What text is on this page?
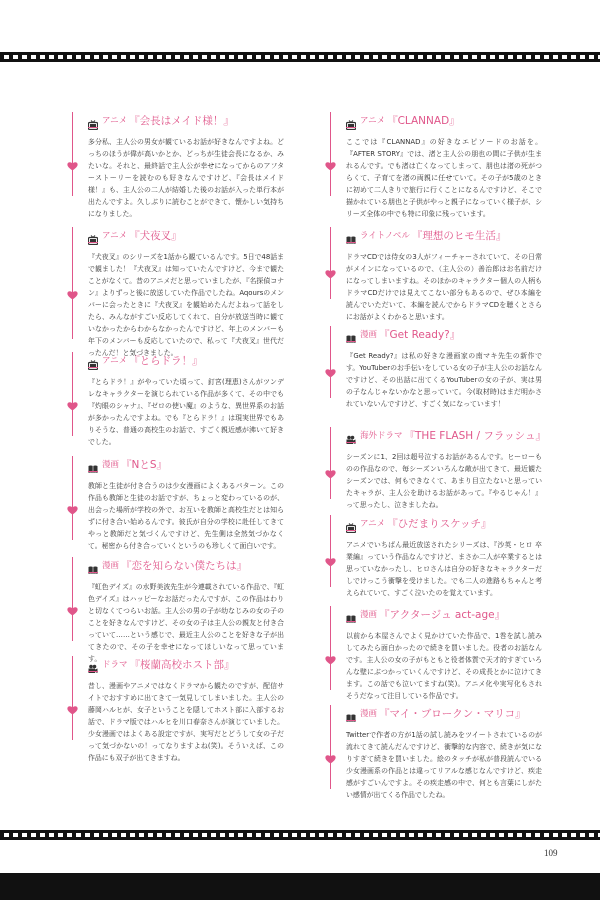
109
アニメ 『会長はメイド様！』
多分私、主人公の男女が観ているお話が好きなんですよね。どっちのほうが偉が高いかとか、どっちが生徒会長になるか、みたいな。それと、最終話で主人公が幸せになってからのアフターストーリーを読むのも好きなんですけど、『会長はメイド様！』も、主人公の二人が結婚した後のお話が入った単行本が出たんですよ。久しぶりに読むことができて、懐かしい気持ちになりました。
アニメ 『犬夜叉』
『犬夜叉』のシリーズを1話から観ているんです。5日で48話まで観ました！『犬夜叉』は知っていたんですけど、今まで観たことがなくて。昔のアニメだと思っていましたが、『名探偵コナン』よりずっと後に放送していた作品でしたね。Aqoursのメンバーに会ったときに『犬夜叉』を観始めたんだよねって話をしたら、みんながすごい反応してくれて、自分が放送当時に観ていなかったからわからなかったんですけど、年上のメンバーも年下のメンバーも反応していたので、私って『犬夜叉』世代だったんだ！と気づきました。
アニメ 『とらドラ！』
『とらドラ！』がやっていた頃って、釘宮(理恵)さんがツンデレなキャラクターを演じられている作品が多くて、その中でも『灼眼のシャナ』、『ゼロの使い魔』のような、異世界系のお話が多かったんですよね。でも『とらドラ！』は現実世界でもありそうな、普通の高校生のお話で、すごく親近感が沸いて好きでした。
漫画 『NとS』
教師と生徒が付き合うのは少女漫画によくあるパターン。この作品も教師と生徒のお話ですが、ちょっと変わっているのが、出会った場所が学校の外で、お互いを教師と高校生だとは知らずに付き合い始めるんです。彼氏が自分の学校に赴任してきてやっと教師だと気づくんですけど、先生側は全然気づかなくて。秘密から付き合っていくというのも珍しくて面白いです。
漫画 『恋を知らない僕たちは』
『虹色デイズ』の水野美波先生が今連載されている作品で、『虹色デイズ』はハッピーなお話だったんですが、この作品はわりと切なくてつらいお話。主人公の男の子が幼なじみの女の子のことを好きなんですけど、その女の子は主人公の親友と付き合っていて……という感じで、最近主人公のことを好きな子が出てきたので、その子を幸せになってほしいなって思っています。
ドラマ 『桜蘭高校ホスト部』
昔し、漫画やアニメではなくドラマから観たのですが、配信サイトでおすすめに出てきて一気見してしまいました。主人公の藤岡ハルヒが、女子ということを隠してホスト部に入部するお話で、ドラマ版ではハルヒを川口春奈さんが演じていました。少女漫画ではよくある設定ですが、実写だとどうして女の子だって気づかないの！ってなりますよね(笑)。そういえば、この作品にも双子が出てきますね。
アニメ 『CLANNAD』
ここでは『CLANNAD』の好きなエピソードのお話を。『AFTER STORY』では、渚と主人公の朋也の間に子供が生まれるんです。でも渚は亡くなってしまって、朋也は渚の死がつらくて、子育てを渚の両親に任せていて。その子が5歳のときに初めて二人きりで旅行に行くことになるんですけど、そこで描かれている朋也と子供がやっと親子になっていく様子が、シリーズ全体の中でも特に印象に残っています。
ライトノベル 『理想のヒモ生活』
ドラマCDでは侍女の3人がフィーチャーされていて、その日常がメインになっているので、（主人公の）善治郎はお名前だけになってしまいますね。そのほかのキャラクター個人の人柄もドラマCDだけでは見えてこない部分もあるので、ぜひ本編を読んでいただいて、本編を読んでからドラマCDを聴くとさらにお話がよくわかると思います。
漫画 『Get Ready?』
『Get Ready?』は私の好きな漫画家の南マキ先生の新作です。YouTuberのお手伝いをしている女の子が主人公のお話なんですけど、その出話に出てくるYouTuberの女の子が、実は男の子なんじゃないかなと思っていて。今(取材時)はまだ明かされていないんですけど、すごく気になっています！
海外ドラマ 『THE FLASH / フラッシュ』
シーズンに1、2回は超号泣するお話があるんです。ヒーローものの作品なので、毎シーズンいろんな敵が出てきて、最近観たシーズンでは、何もできなくて、あまり目立たないと思っていたキャラが、主人公を助けるお話があって。『やるじゃん！』って思ったし、泣きましたね。
アニメ 『ひだまりスケッチ』
アニメでいちばん最近放送されたシリーズは、『沙英・ヒロ 卒業編』っていう作品なんですけど、まさか二人が卒業するとは思っていなかったし、ヒロさんは自分の好きなキャラクターだしでけっこう衝撃を受けました。でも二人の進路もちゃんと考えられていて、すごく泣いたのを覚えています。
漫画 『アクタージュ act-age』
以前から本屋さんでよく見かけていた作品で、1巻を試し読みしてみたら面白かったので続きを買いました。役者のお話なんです。主人公の女の子がもともと役者体質で天才的すぎていろんな壁にぶつかっていくんですけど、その成長とかに泣けてきます。この話でも泣いてますね(笑)。アニメ化や実写化もされそうだなって注目している作品です。
漫画 『マイ・ブロークン・マリコ』
Twitterで作者の方が1話の試し読みをツイートされているのが流れてきて読んだんですけど、衝撃的な内容で、続きが気になりすぎて続きを買いました。絵のタッチが私が普段読んでいる少女漫画系の作品とは違ってリアルな感じなんですけど、疾走感がすごいんですよ。その疾走感の中で、何とも言葉にしがたい感情が出てくる作品でしたね。
